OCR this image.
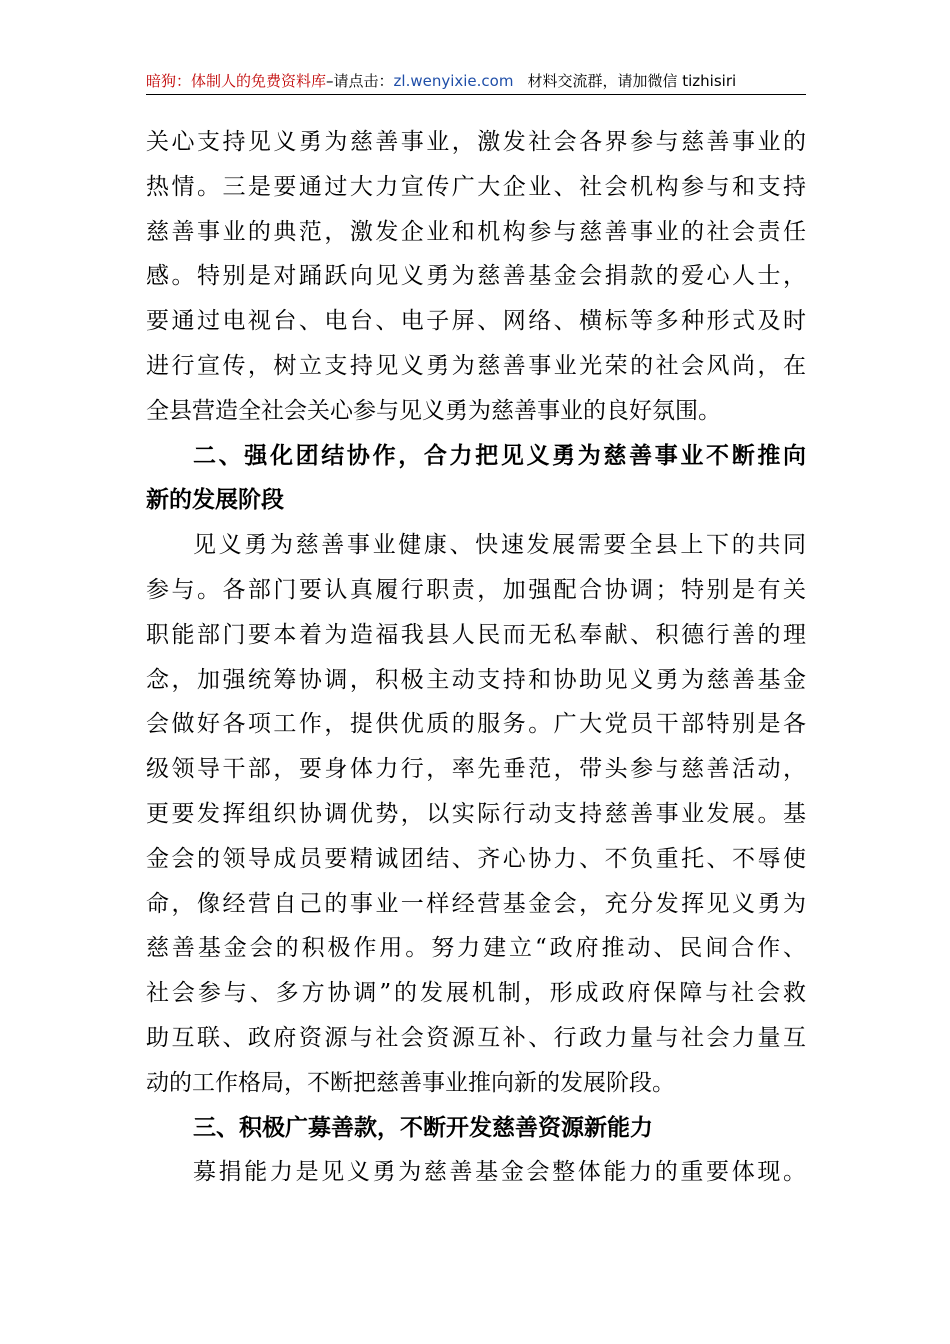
暗狗：体制人的免费资料库–请点击：zl.wenyixie.com 材料交流群，请加微信 tizhisiri
关心支持见义勇为慈善事业，激发社会各界参与慈善事业的
热情。三是要通过大力宣传广大企业、社会机构参与和支持
慈善事业的典范，激发企业和机构参与慈善事业的社会责任
感。特别是对踊跃向见义勇为慈善基金会捐款的爱心人士，
要通过电视台、电台、电子屏、网络、横标等多种形式及时
进行宣传，树立支持见义勇为慈善事业光荣的社会风尚，在
全县营造全社会关心参与见义勇为慈善事业的良好氛围。
二、强化团结协作，合力把见义勇为慈善事业不断推向
新的发展阶段
见义勇为慈善事业健康、快速发展需要全县上下的共同
参与。各部门要认真履行职责，加强配合协调；特别是有关
职能部门要本着为造福我县人民而无私奉献、积德行善的理
念，加强统筹协调，积极主动支持和协助见义勇为慈善基金
会做好各项工作，提供优质的服务。广大党员干部特别是各
级领导干部，要身体力行，率先垂范，带头参与慈善活动，
更要发挥组织协调优势，以实际行动支持慈善事业发展。基
金会的领导成员要精诚团结、齐心协力、不负重托、不辱使
命，像经营自己的事业一样经营基金会，充分发挥见义勇为
慈善基金会的积极作用。努力建立“政府推动、民间合作、
社会参与、多方协调”的发展机制，形成政府保障与社会救
助互联、政府资源与社会资源互补、行政力量与社会力量互
动的工作格局，不断把慈善事业推向新的发展阶段。
三、积极广募善款，不断开发慈善资源新能力
募捐能力是见义勇为慈善基金会整体能力的重要体现。
